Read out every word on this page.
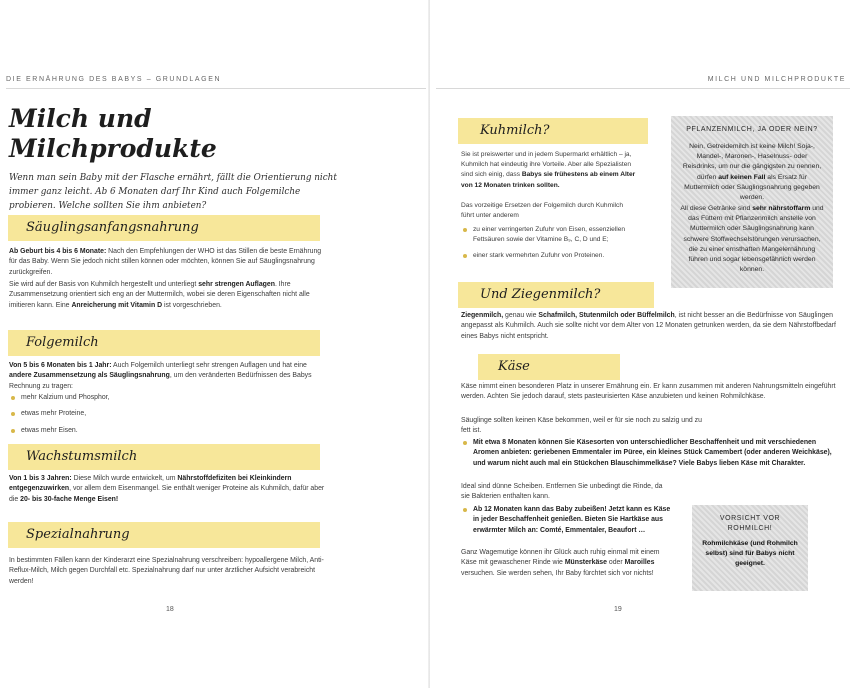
DIE ERNÄHRUNG DES BABYS – GRUNDLAGEN
Milch und Milchprodukte

Wenn man sein Baby mit der Flasche ernährt, fällt die Orientierung nicht immer ganz leicht. Ab 6 Monaten darf Ihr Kind auch Folgemilche probieren. Welche sollten Sie ihm anbieten?

Säuglingsanfangsnahrung

Ab Geburt bis 4 bis 6 Monate: Nach den Empfehlungen der WHO ist das Stillen die beste Ernährung für das Baby. Wenn Sie jedoch nicht stillen können oder möchten, können Sie auf Säuglingsnahrung zurückgreifen.

Sie wird auf der Basis von Kuhmilch hergestellt und unterliegt sehr strengen Auflagen. Ihre Zusammensetzung orientiert sich eng an der Muttermilch, wobei sie deren Eigenschaften nicht alle imitieren kann. Eine Anreicherung mit Vitamin D ist vorgeschrieben.

Folgemilch

Von 5 bis 6 Monaten bis 1 Jahr: Auch Folgemilch unterliegt sehr strengen Auflagen und hat eine andere Zusammensetzung als Säuglingsnahrung, um den veränderten Bedürfnissen des Babys Rechnung zu tragen:

mehr Kalzium und Phosphor,
etwas mehr Proteine,
etwas mehr Eisen.
Wachstumsmilch

Von 1 bis 3 Jahren: Diese Milch wurde entwickelt, um Nährstoffdefiziten bei Kleinkindern entgegenzuwirken, vor allem dem Eisenmangel. Sie enthält weniger Proteine als Kuhmilch, dafür aber die 20- bis 30-fache Menge Eisen!

Spezialnahrung

In bestimmten Fällen kann der Kinderarzt eine Spezialnahrung verschreiben: hypoallergene Milch, Anti-Reflux-Milch, Milch gegen Durchfall etc. Spezialnahrung darf nur unter ärztlicher Aufsicht verabreicht werden!

18
MILCH UND MILCHPRODUKTE
Kuhmilch?

Sie ist preiswerter und in jedem Supermarkt erhältlich – ja, Kuhmilch hat eindeutig ihre Vorteile. Aber alle Spezialisten sind sich einig, dass Babys sie frühestens ab einem Alter von 12 Monaten trinken sollten.

Das vorzeitige Ersetzen der Folgemilch durch Kuhmilch führt unter anderem

zu einer verringerten Zufuhr von Eisen, essenziellen Fettsäuren sowie der Vitamine B₉, C, D und E;
einer stark vermehrten Zufuhr von Proteinen.
PFLANZENMILCH, JA ODER NEIN?

Nein, Getreidemilch ist keine Milch! Soja-, Mandel-, Maronen-, Haselnuss- oder Reisdrinks, um nur die gängigsten zu nennen, dürfen auf keinen Fall als Ersatz für Muttermilch oder Säuglingsnahrung gegeben werden.

All diese Getränke sind sehr nährstoffarm und das Füttern mit Pflanzenmilch anstelle von Muttermilch oder Säuglingsnahrung kann schwere Stoffwechselstörungen verursachen, die zu einer ernsthaften Mangelernährung führen und sogar lebensgefährlich werden können.

Und Ziegenmilch?

Ziegenmilch, genau wie Schafmilch, Stutenmilch oder Büffelmilch, ist nicht besser an die Bedürfnisse von Säuglingen angepasst als Kuhmilch. Auch sie sollte nicht vor dem Alter von 12 Monaten getrunken werden, da sie dem Nährstoffbedarf eines Babys nicht entspricht.

Käse

Käse nimmt einen besonderen Platz in unserer Ernährung ein. Er kann zusammen mit anderen Nahrungsmitteln eingeführt werden. Achten Sie jedoch darauf, stets pasteurisierten Käse anzubieten und keinen Rohmilchkäse.

Säuglinge sollten keinen Käse bekommen, weil er für sie noch zu salzig und zu fett ist.

Mit etwa 8 Monaten können Sie Käsesorten von unterschiedlicher Beschaffenheit und mit verschiedenen Aromen anbieten: geriebenen Emmentaler im Püree, ein kleines Stück Camembert (oder anderen Weichkäse), und warum nicht auch mal ein Stückchen Blauschimmelkäse? Viele Babys lieben Käse mit Charakter.

Ideal sind dünne Scheiben. Entfernen Sie unbedingt die Rinde, da sie Bakterien enthalten kann.

Ab 12 Monaten kann das Baby zubeißen! Jetzt kann es Käse in jeder Beschaffenheit genießen. Bieten Sie Hartkäse aus erwärmter Milch an: Comté, Emmentaler, Beaufort …

Ganz Wagemutige können ihr Glück auch ruhig einmal mit einem Käse mit gewaschener Rinde wie Münsterkäse oder Maroilles versuchen. Sie werden sehen, Ihr Baby fürchtet sich vor nichts!

VORSICHT VOR ROHMILCH!

Rohmilchkäse (und Rohmilch selbst) sind für Babys nicht geeignet.

19
